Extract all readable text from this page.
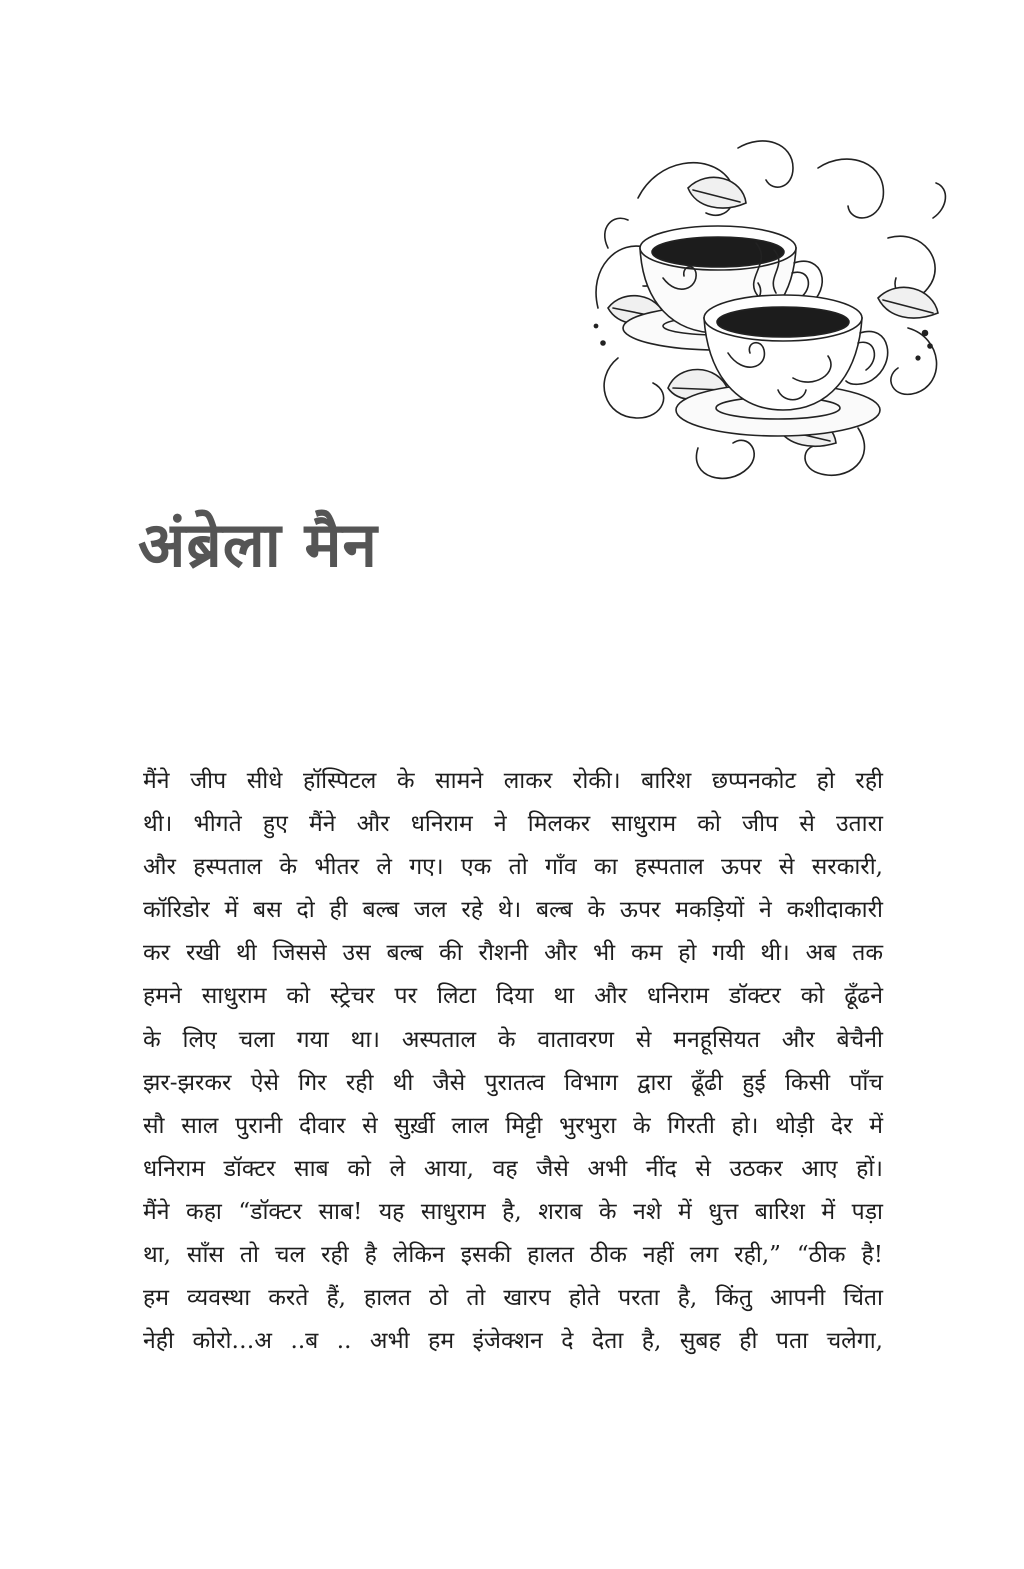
अंब्रेला मैन
मैंने जीप सीधे हॉस्पिटल के सामने लाकर रोकी। बारिश छप्पनकोट हो रही
थी। भीगते हुए मैंने और धनिराम ने मिलकर साधुराम को जीप से उतारा
और हस्पताल के भीतर ले गए। एक तो गाँव का हस्पताल ऊपर से सरकारी,
कॉरिडोर में बस दो ही बल्ब जल रहे थे। बल्ब के ऊपर मकड़ियों ने कशीदाकारी
कर रखी थी जिससे उस बल्ब की रौशनी और भी कम हो गयी थी। अब तक
हमने साधुराम को स्ट्रेचर पर लिटा दिया था और धनिराम डॉक्टर को ढूँढने
के लिए चला गया था। अस्पताल के वातावरण से मनहूसियत और बेचैनी
झर-झरकर ऐसे गिर रही थी जैसे पुरातत्व विभाग द्वारा ढूँढी हुई किसी पाँच
सौ साल पुरानी दीवार से सुर्ख़ी लाल मिट्टी भुरभुरा के गिरती हो। थोड़ी देर में
धनिराम डॉक्टर साब को ले आया, वह जैसे अभी नींद से उठकर आए हों।
मैंने कहा “डॉक्टर साब! यह साधुराम है, शराब के नशे में धुत्त बारिश में पड़ा
था, साँस तो चल रही है लेकिन इसकी हालत ठीक नहीं लग रही,” “ठीक है!
हम व्यवस्था करते हैं, हालत ठो तो खारप होते परता है, किंतु आपनी चिंता
नेही कोरो…अ ..ब .. अभी हम इंजेक्शन दे देता है, सुबह ही पता चलेगा,
